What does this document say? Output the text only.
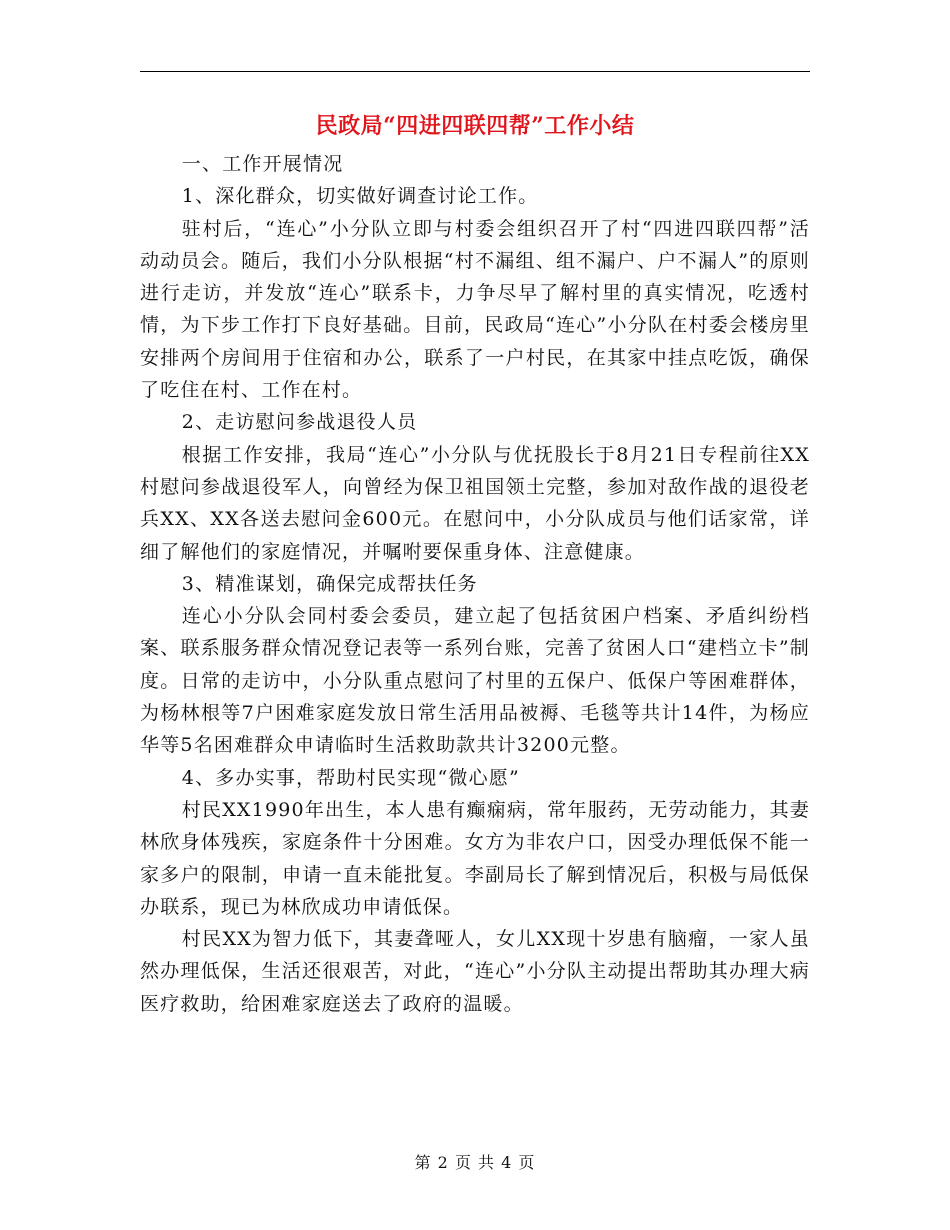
民政局“四进四联四帮”工作小结

一、工作开展情况

1、深化群众，切实做好调查讨论工作。

驻村后，“连心”小分队立即与村委会组织召开了村“四进四联四帮”活动动员会。随后，我们小分队根据“村不漏组、组不漏户、户不漏人”的原则进行走访，并发放“连心”联系卡，力争尽早了解村里的真实情况，吃透村情，为下步工作打下良好基础。目前，民政局“连心”小分队在村委会楼房里安排两个房间用于住宿和办公，联系了一户村民，在其家中挂点吃饭，确保了吃住在村、工作在村。

2、走访慰问参战退役人员

根据工作安排，我局“连心”小分队与优抚股长于8月21日专程前往XX村慰问参战退役军人，向曾经为保卫祖国领土完整，参加对敌作战的退役老兵XX、XX各送去慰问金600元。在慰问中，小分队成员与他们话家常，详细了解他们的家庭情况，并嘱咐要保重身体、注意健康。

3、精准谋划，确保完成帮扶任务

连心小分队会同村委会委员，建立起了包括贫困户档案、矛盾纠纷档案、联系服务群众情况登记表等一系列台账，完善了贫困人口“建档立卡”制度。日常的走访中，小分队重点慰问了村里的五保户、低保户等困难群体，为杨林根等7户困难家庭发放日常生活用品被褥、毛毯等共计14件，为杨应华等5名困难群众申请临时生活救助款共计3200元整。

4、多办实事，帮助村民实现“微心愿”

村民XX1990年出生，本人患有癫痫病，常年服药，无劳动能力，其妻林欣身体残疾，家庭条件十分困难。女方为非农户口，因受办理低保不能一家多户的限制，申请一直未能批复。李副局长了解到情况后，积极与局低保办联系，现已为林欣成功申请低保。

村民XX为智力低下，其妻聋哑人，女儿XX现十岁患有脑瘤，一家人虽然办理低保，生活还很艰苦，对此，“连心”小分队主动提出帮助其办理大病医疗救助，给困难家庭送去了政府的温暖。

第 2 页 共 4 页
